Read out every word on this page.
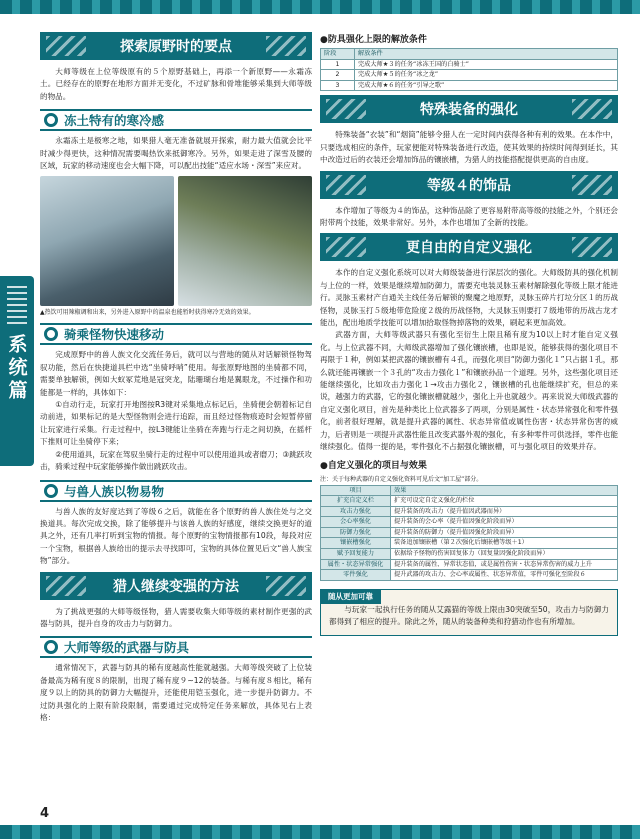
系统篇
探索原野时的要点

大师等级在上位等级原有的５个原野基础上，再添一个新原野——永霜冻土。已经存在的原野在地形方面并无变化，不过矿脉和骨堆能够采集到大师等级的物品。

冻土特有的寒冷感

永霜冻土是极寒之地，如果猎人毫无准备就展开探索，耐力最大值就会比平时减少得更快，这种情况需要喝热饮来抵御寒冷。另外，如果走进了深雪及腰的区域，玩家的移动速度也会大幅下降，可以配出技能“适应水场・深雪”来应对。

▲热饮可用辣椒调和出来，另外进入原野中的温泉也能暂时获得寒冷无效的效果。
骑乘怪物快速移动

完成原野中的兽人族文化交流任务后，就可以与营地的随从对话解锁怪物驾驭功能，然后在快捷道具栏中选“坐骑呼哨”使用。每张原野地图的坐骑都不同，需要单独解锁，例如大蚁冢荒地是冠突龙，陆珊瑚台地是翼眼龙，不过操作和功能都是一样的，具体如下：

①自动行走，玩家打开地图按R3键对采集地点标记后，坐骑便会朝着标记自动前进，如果标记的是大型怪物则会进行追踪，而且经过怪物痕迹时会短暂停留让玩家进行采集。行走过程中，按L3键能让坐骑在奔跑与行走之间切换，在摇杆下推则可让坐骑停下来；

②使用道具，玩家在驾驭坐骑行走的过程中可以使用道具或者磨刀；③跳跃攻击，骑乘过程中玩家能够操作做出跳跃攻击。

与兽人族以物易物

与兽人族的友好度达到了等级６之后，就能在各个原野的兽人族住处与之交换道具。每次完成交换，除了能够提升与该兽人族的好感度，继续交换更好的道具之外，还有几率打听到宝物的情报。每个原野的宝物情报都有10段，每段对应一个宝物，根据兽人族给出的提示去寻找即可，宝物的具体位置见后文“兽人族宝物”部分。

猎人继续变强的方法

为了挑战更强的大师等级怪物，猎人需要收集大师等级的素材制作更强的武器与防具，提升自身的攻击力与防御力。

大师等级的武器与防具

通常情况下，武器与防具的稀有度越高性能就越强。大师等级突破了上位装备最高为稀有度８的限制，出现了稀有度９~12的装备。与稀有度８相比，稀有度９以上的防具的防御力大幅提升，还能使用铠玉强化，进一步提升防御力。不过防具强化的上限有阶段限制，需要通过完成特定任务来解放，具体见右上表格：

●防具强化上限的解放条件
阶段	解放条件
1	完成大师★３的任务“冰冻王国的白骑士”
2	完成大师★５的任务“冰之龙”
3	完成大师★６的任务“引导之歌”
特殊装备的强化

特殊装备“衣装”和“烟筒”能够令猎人在一定时间内获得各种有利的效果。在本作中，只要选成相应的条件，玩家便能对特殊装备进行改造，使其效果的持续时间得到延长，其中改造过后的衣装还会增加饰品的镶嵌槽，为猎人的技能搭配提供更高的自由度。

等级４的饰品

本作增加了等级为４的饰品，这种饰品除了更容易附带高等级的技能之外，个别还会附带两个技能，效果非常好。另外，本作也增加了全新的技能。

更自由的自定义强化

本作的自定义强化系统可以对大师级装备进行深层次的强化。大师级防具的强化机制与上位的一样，效果是继续增加防御力，需要充电装灵脉玉素材解除强化等级上限才能进行。灵脉玉素材产自通关主线任务后解锁的聚魔之地原野，灵脉玉碎片打垃分区１的历战怪物，灵脉玉打５级地带危险度２级的历战怪物，大灵脉玉则要打７级地带的历战古龙才能出，配出地质学技能可以增加拾取怪物掉落物的效果，刷起来更加高效。

武器方面，大师等级武器只有强化至衍生上限且稀有度为10以上时才能自定义强化。与上位武器不同，大师级武器增加了强化镶嵌槽，也即是说，能够获得的强化项目不再限于１种，例如某把武器的镶嵌槽有４孔，而强化项目“防御力强化１”只占据１孔，那么就还能再镶嵌一个３孔的“攻击力强化１”和镶嵌孙品一个道理。另外，这些强化项目还能继续强化，比如攻击力强化１→攻击力强化２，镶嵌槽的孔也能继续扩充，但总的来说，越强力的武器，它的强化镶嵌槽就越少，强化上升也就越少。再来说说大师级武器的自定义强化项目，首先是种类比上位武器多了两项，分别是属性・状态异常强化和零件强化，前者很好理解，就是提升武器的属性、状态异常值或属性伤害・状态异常伤害的威力，后者则是一项提升武器性能且改变武器外观的强化，有多种零件可供选择，零件也能继续强化。值得一提的是，零件强化不占据强化镶嵌槽，可与强化项目的效果并存。

●自定义强化的项目与效果
注：关于每种武器的自定义强化资料可见后文“加工屋”部分。
项目	效果
扩充自定义栏	扩充可设定自定义强化的栏位
攻击力强化	提升装备的攻击力（提升值因武器而异）
会心率强化	提升装备的会心率（提升值因强化阶段而异）
防御力强化	提升装备的防御力（提升值因强化阶段而异）
镶嵌槽强化	装备追加镶嵌槽（第２次强化后镶嵌槽等级＋1）
赋予回复能力	依据给予怪物的伤害回复体力（回复量因强化阶段而异）
属性・状态异常强化	提升装备的属性、异常状态值，或是属性伤害・状态异常伤害的威力上升
零件强化	提升武器的攻击力、会心率或属性、状态异常值，零件可强化至阶段６
随从更加可靠

与玩家一起执行任务的随从艾露猫的等级上限由30突破至50，攻击力与防御力都得到了相应的提升。除此之外，随从的装备种类和狩猎动作也有所增加。

4
